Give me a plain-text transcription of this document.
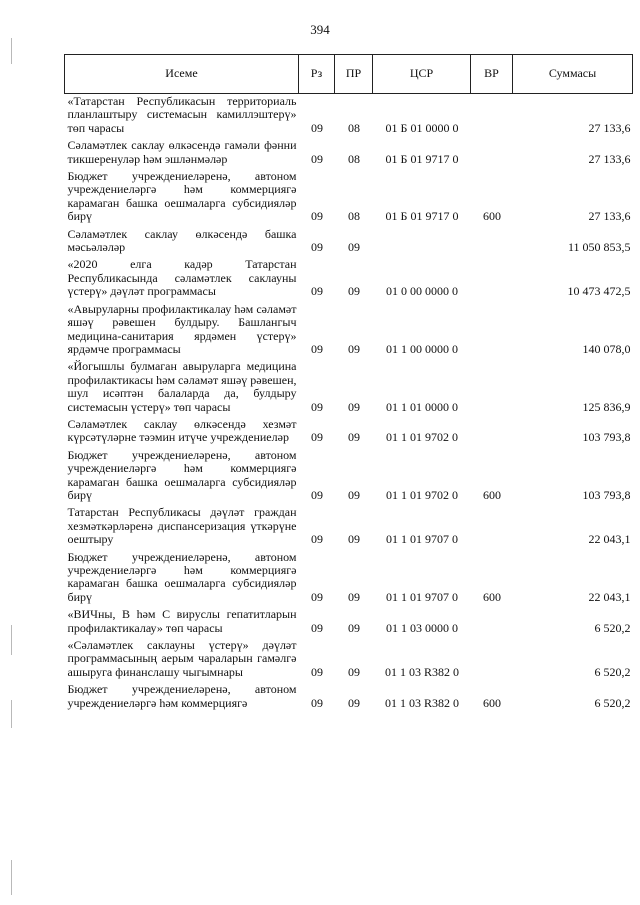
394
Исеме	Рз	ПР	ЦСР	ВР	Суммасы
«Татарстан Республикасын территориаль планлаштыру системасын камиллэштерү» төп чарасы	09	08	01 Б 01 0000 0		27 133,6
Сәламәтлек саклау өлкәсендә гамәли фәнни тикшеренуләр һәм эшләнмәләр	09	08	01 Б 01 9717 0		27 133,6
Бюджет учреждениеләренә, автоном учреждениеләргә һәм коммерциягә карамаган башка оешмаларга субсидияләр бирү	09	08	01 Б 01 9717 0	600	27 133,6
Сәламәтлек саклау өлкәсендә башка мәсьәләләр	09	09			11 050 853,5
«2020 елга кадәр Татарстан Республикасында сәламәтлек саклауны үстерү» дәүләт программасы	09	09	01 0 00 0000 0		10 473 472,5
«Авыруларны профилактикалау һәм сәламәт яшәү рәвешен булдыру. Башлангыч медицина-санитария ярдәмен үстерү» ярдәмче программасы	09	09	01 1 00 0000 0		140 078,0
«Йогышлы булмаган авыруларга медицина профилактикасы һәм сәламәт яшәү рәвешен, шул исәптән балаларда да, булдыру системасын үстерү» төп чарасы	09	09	01 1 01 0000 0		125 836,9
Сәламәтлек саклау өлкәсендә хезмәт күрсәтүләрне тәэмин итүче учреждениеләр	09	09	01 1 01 9702 0		103 793,8
Бюджет учреждениеләренә, автоном учреждениеләргә һәм коммерциягә карамаган башка оешмаларга субсидияләр бирү	09	09	01 1 01 9702 0	600	103 793,8
Татарстан Республикасы дәүләт граждан хезмәткәрләренә диспансеризация үткәрүне оештыру	09	09	01 1 01 9707 0		22 043,1
Бюджет учреждениеләренә, автоном учреждениеләргә һәм коммерциягә карамаган башка оешмаларга субсидияләр бирү	09	09	01 1 01 9707 0	600	22 043,1
«ВИЧны, В һәм С вируслы гепатитларын профилактикалау» төп чарасы	09	09	01 1 03 0000 0		6 520,2
«Сәламәтлек саклауны үстерү» дәүләт программасының аерым чараларын гамәлгә ашыруга финанслашу чыгымнары	09	09	01 1 03 R382 0		6 520,2
Бюджет учреждениеләренә, автоном учреждениеләргә һәм коммерциягә	09	09	01 1 03 R382 0	600	6 520,2
